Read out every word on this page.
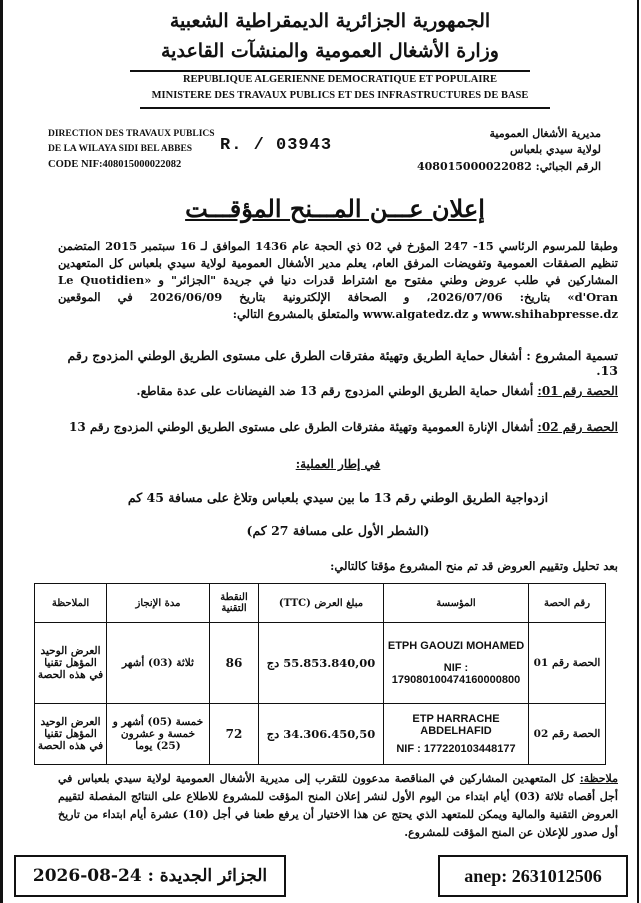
الجمهورية الجزائرية الديمقراطية الشعبية
وزارة الأشغال العمومية والمنشآت القاعدية
REPUBLIQUE ALGERIENNE DEMOCRATIQUE ET POPULAIRE
MINISTERE DES TRAVAUX PUBLICS ET DES INFRASTRUCTURES DE BASE
DIRECTION DES TRAVAUX PUBLICS
DE LA WILAYA SIDI BEL ABBES
CODE NIF:408015000022082
R. / 03943
مديرية الأشغال العمومية
لولاية سيدي بلعباس
الرقم الجبائي: 408015000022082
إعلان عـــن المـــنح المؤقـــت
وطبقا للمرسوم الرئاسي 15- 247 المؤرخ في 02 ذي الحجة عام 1436 الموافق لـ 16 سبتمبر 2015 المتضمن تنظيم الصفقات العمومية وتفويضات المرفق العام، يعلم مدير الأشغال العمومية لولاية سيدي بلعباس كل المتعهدين المشاركين في طلب عروض وطني مفتوح مع اشتراط قدرات دنيا في جريدة "الجزائر" و «Le Quotidien d'Oran» بتاريخ: 2026/07/06، و الصحافة الإلكترونية بتاريخ 2026/06/09 في الموقعين www.shihabpresse.dz و www.algatedz.dz والمتعلق بالمشروع التالي:
تسمية المشروع : أشغال حماية الطريق وتهيئة مفترقات الطرق على مستوى الطريق الوطني المزدوج رقم 13.
الحصة رقم 01: أشغال حماية الطريق الوطني المزدوج رقم 13 ضد الفيضانات على عدة مقاطع.
الحصة رقم 02: أشغال الإنارة العمومية وتهيئة مفترقات الطرق على مستوى الطريق الوطني المزدوج رقم 13
في إطار العملية:
ازدواجية الطريق الوطني رقم 13 ما بين سيدي بلعباس وتلاغ على مسافة 45 كم
(الشطر الأول على مسافة 27 كم)
بعد تحليل وتقييم العروض قد تم منح المشروع مؤقتا كالتالي:
رقم الحصة	المؤسسة	مبلغ العرض (TTC)	النقطة التقنية	مدة الإنجاز	الملاحظة
الحصة رقم 01	ETPH GAOUZI MOHAMED
NIF : 179080100474160000800	55.853.840,00 دج	86	ثلاثة (03) أشهر	العرض الوحيد المؤهل تقنيا في هذه الحصة
الحصة رقم 02	ETP HARRACHE ABDELHAFID
NIF : 177220103448177	34.306.450,50 دج	72	خمسة (05) أشهر و خمسة و عشرون (25) يوما	العرض الوحيد المؤهل تقنيا في هذه الحصة
ملاحظة: كل المتعهدين المشاركين في المناقصة مدعوون للتقرب إلى مديرية الأشغال العمومية لولاية سيدي بلعباس في أجل أقصاه ثلاثة (03) أيام ابتداء من اليوم الأول لنشر إعلان المنح المؤقت للمشروع للاطلاع على النتائج المفصلة لتقييم العروض التقنية والمالية ويمكن للمتعهد الذي يحتج عن هذا الاختيار أن يرفع طعنا في أجل (10) عشرة أيام ابتداء من تاريخ أول صدور للإعلان عن المنح المؤقت للمشروع.
الجزائر الجديدة : 24-08-2026	anep: 2631012506
